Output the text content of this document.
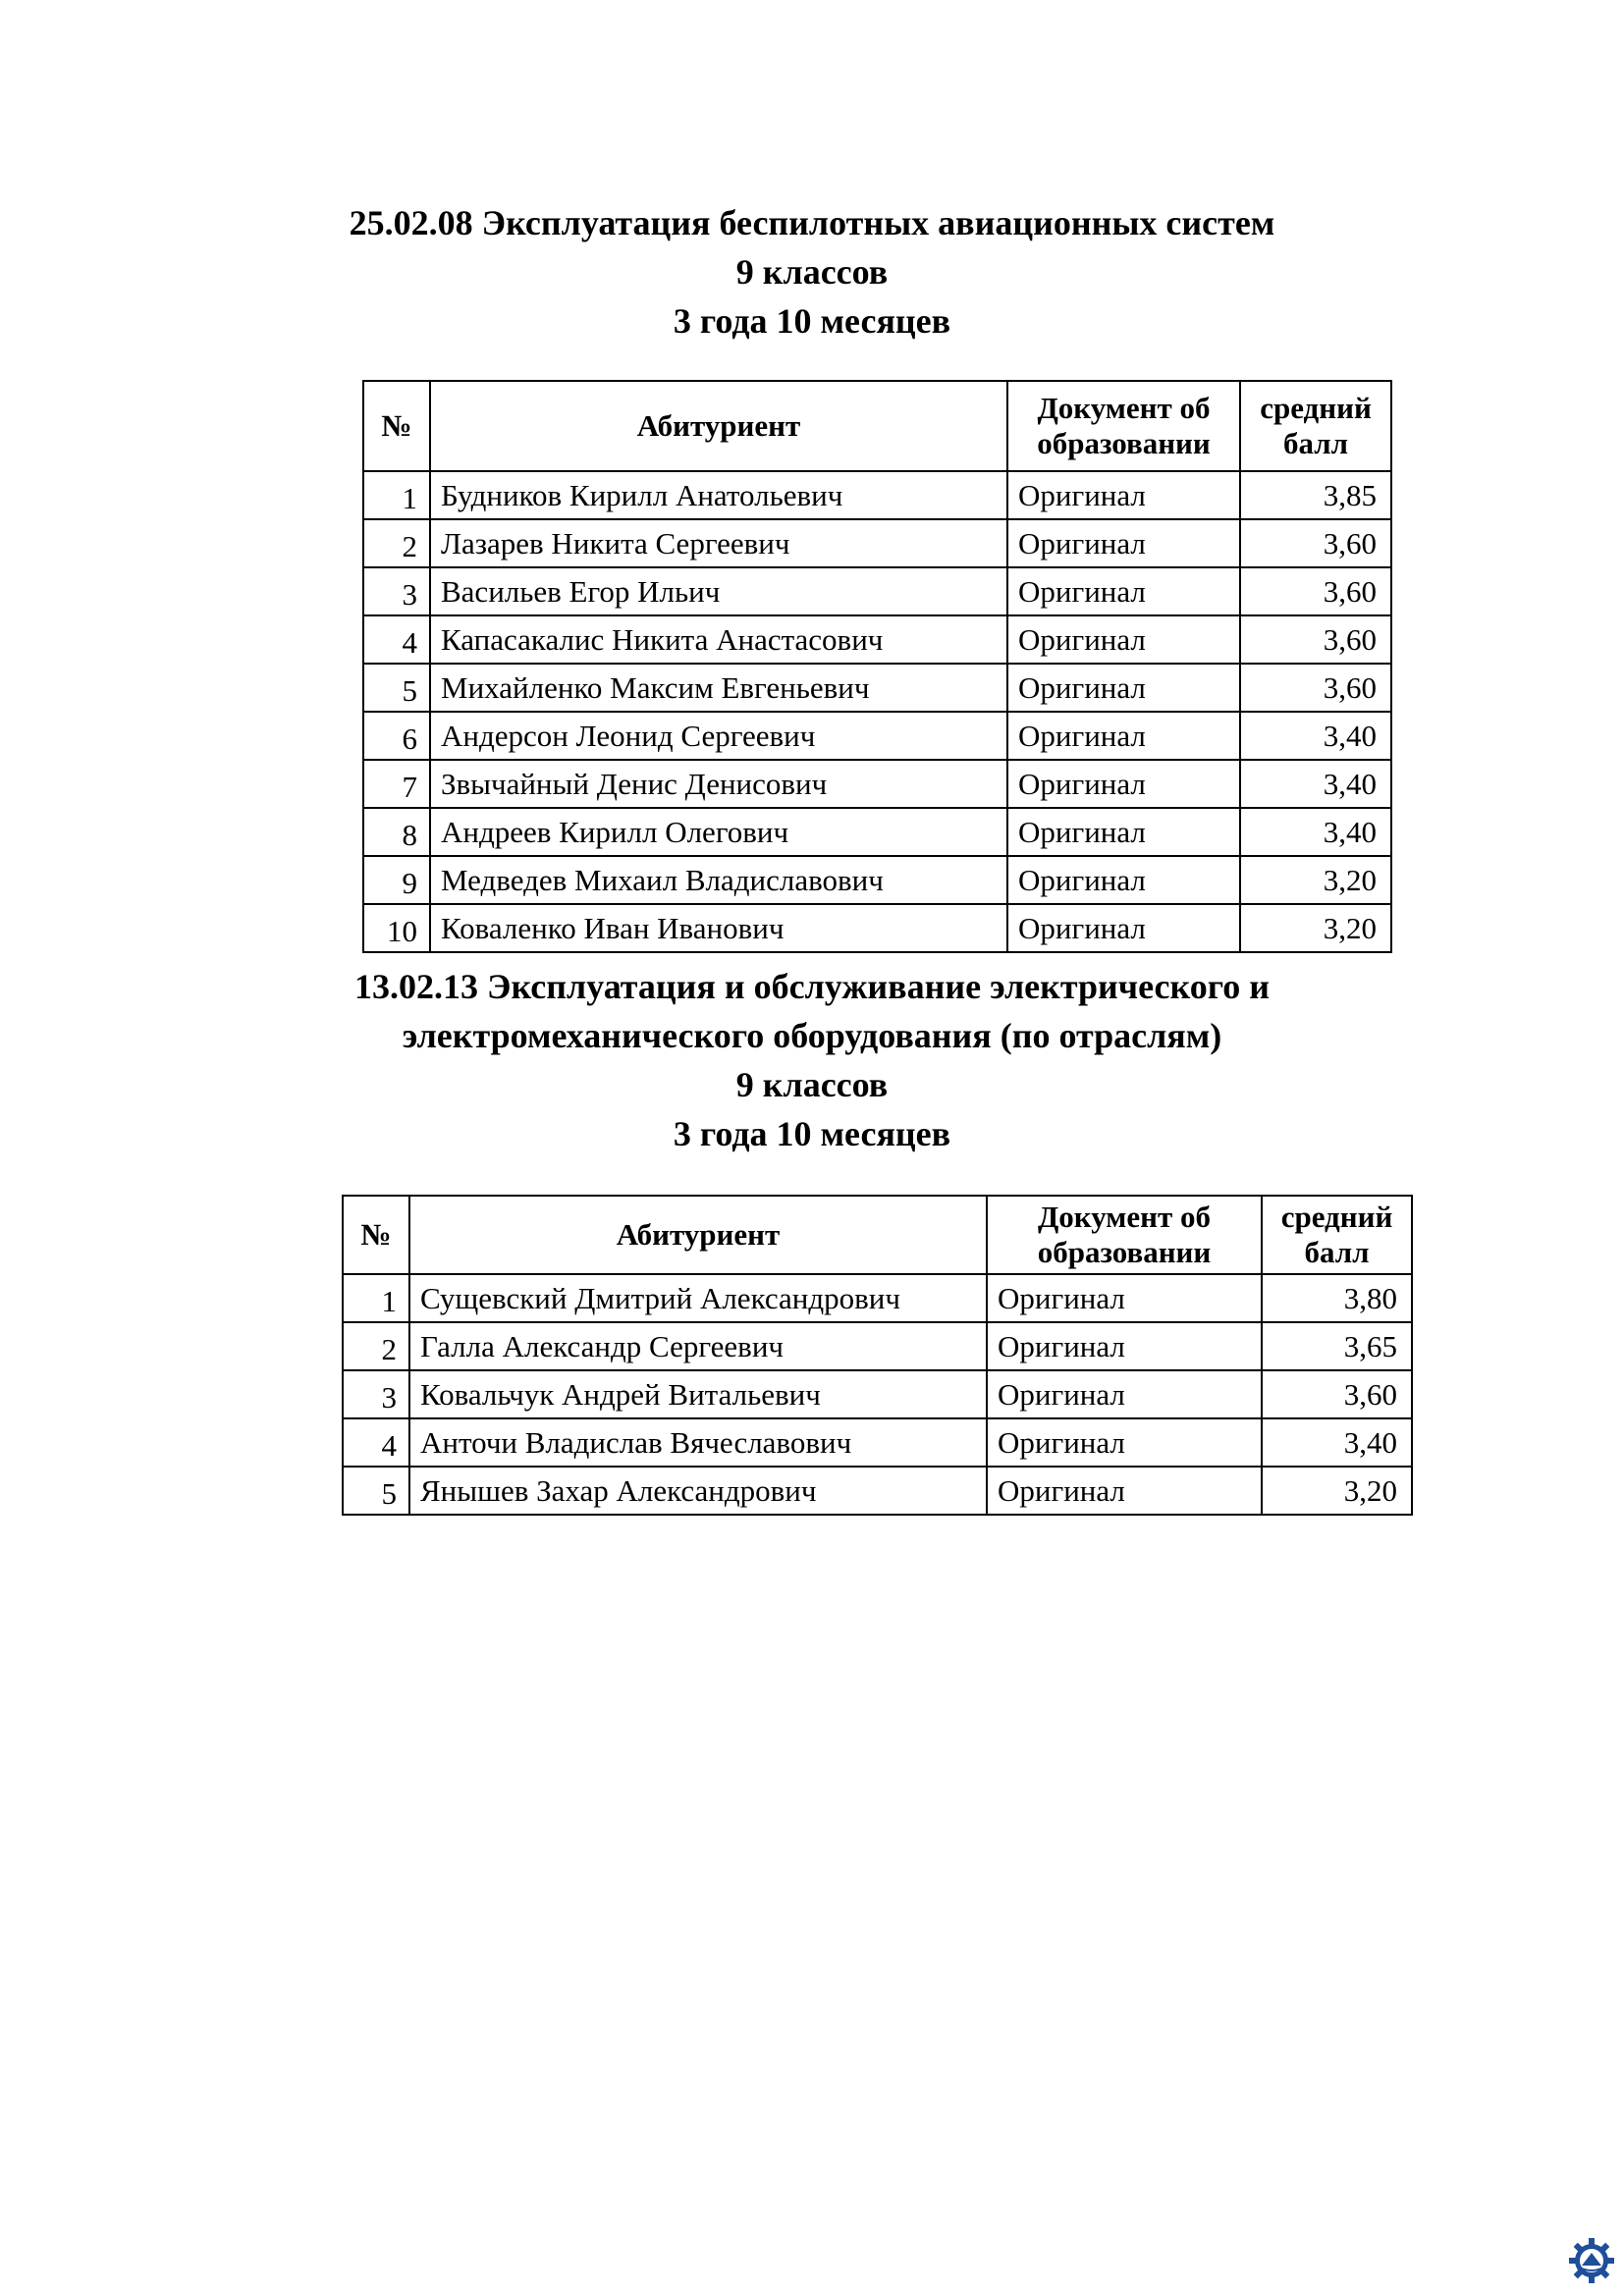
25.02.08 Эксплуатация беспилотных авиационных систем
9 классов
3 года 10 месяцев
№	Абитуриент	Документ об образовании	средний балл
1	Будников Кирилл Анатольевич	Оригинал	3,85
2	Лазарев Никита Сергеевич	Оригинал	3,60
3	Васильев Егор Ильич	Оригинал	3,60
4	Капасакалис Никита Анастасович	Оригинал	3,60
5	Михайленко Максим Евгеньевич	Оригинал	3,60
6	Андерсон Леонид Сергеевич	Оригинал	3,40
7	Звычайный Денис Денисович	Оригинал	3,40
8	Андреев Кирилл Олегович	Оригинал	3,40
9	Медведев Михаил Владиславович	Оригинал	3,20
10	Коваленко Иван Иванович	Оригинал	3,20
13.02.13 Эксплуатация и обслуживание электрического и
электромеханического оборудования (по отраслям)
9 классов
3 года 10 месяцев
№	Абитуриент	Документ об образовании	средний балл
1	Сущевский Дмитрий Александрович	Оригинал	3,80
2	Галла Александр Сергеевич	Оригинал	3,65
3	Ковальчук Андрей Витальевич	Оригинал	3,60
4	Анточи Владислав Вячеславович	Оригинал	3,40
5	Янышев Захар Александрович	Оригинал	3,20
